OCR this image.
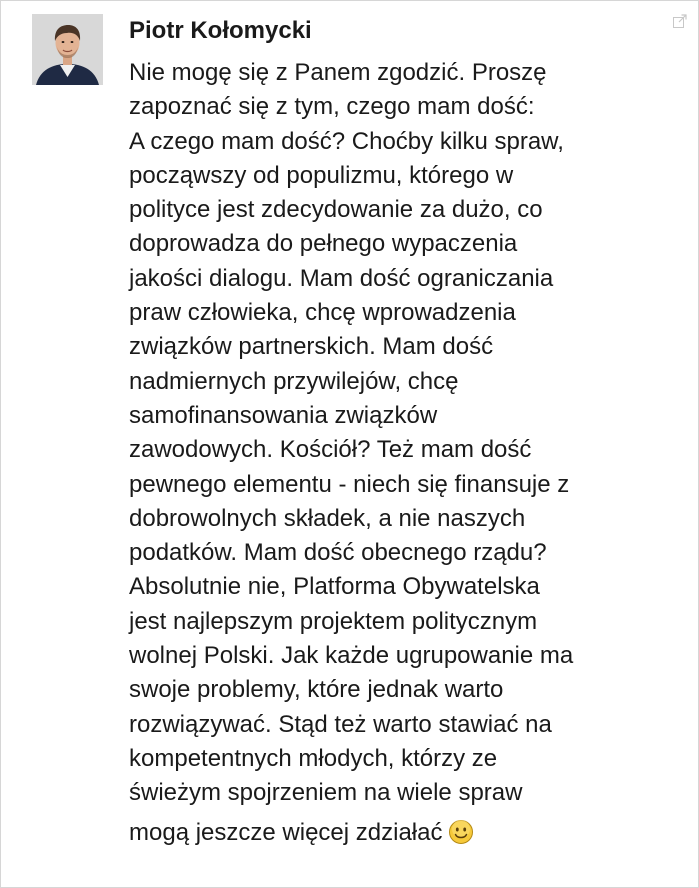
Piotr Kołomycki
Nie mogę się z Panem zgodzić. Proszę
zapoznać się z tym, czego mam dość:
A czego mam dość? Choćby kilku spraw,
począwszy od populizmu, którego w
polityce jest zdecydowanie za dużo, co
doprowadza do pełnego wypaczenia
jakości dialogu. Mam dość ograniczania
praw człowieka, chcę wprowadzenia
związków partnerskich. Mam dość
nadmiernych przywilejów, chcę
samofinansowania związków
zawodowych. Kościół? Też mam dość
pewnego elementu - niech się finansuje z
dobrowolnych składek, a nie naszych
podatków. Mam dość obecnego rządu?
Absolutnie nie, Platforma Obywatelska
jest najlepszym projektem politycznym
wolnej Polski. Jak każde ugrupowanie ma
swoje problemy, które jednak warto
rozwiązywać. Stąd też warto stawiać na
kompetentnych młodych, którzy ze
świeżym spojrzeniem na wiele spraw
mogą jeszcze więcej zdziałać
